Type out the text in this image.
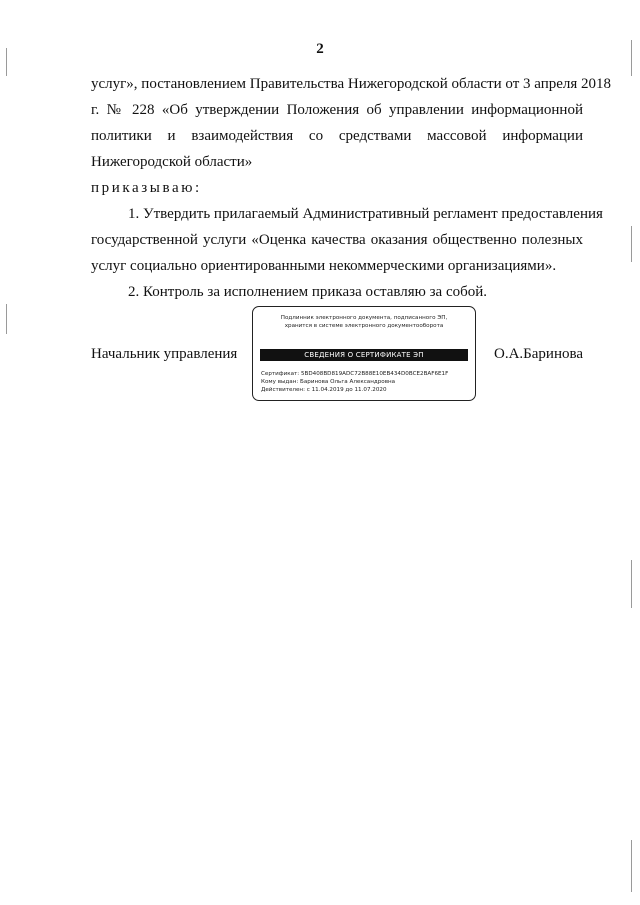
2
услуг», постановлением Правительства Нижегородской области от 3 апреля 2018
г. № 228 «Об утверждении Положения об управлении информационной
политики и взаимодействия со средствами массовой информации
Нижегородской области»
приказываю:
1. Утвердить прилагаемый Административный регламент предоставления
государственной услуги «Оценка качества оказания общественно полезных
услуг социально ориентированными некоммерческими организациями».
2. Контроль за исполнением приказа оставляю за собой.
Начальник управления
Подлинник электронного документа, подписанного ЭП,
хранится в системе электронного документооборота
СВЕДЕНИЯ О СЕРТИФИКАТЕ ЭП
Сертификат: 5BD408BD819ADC72B88E10EB434D0BCE2BAF6E1F
Кому выдан: Баринова Ольга Александровна
Действителен: с 11.04.2019 до 11.07.2020
О.А.Баринова
